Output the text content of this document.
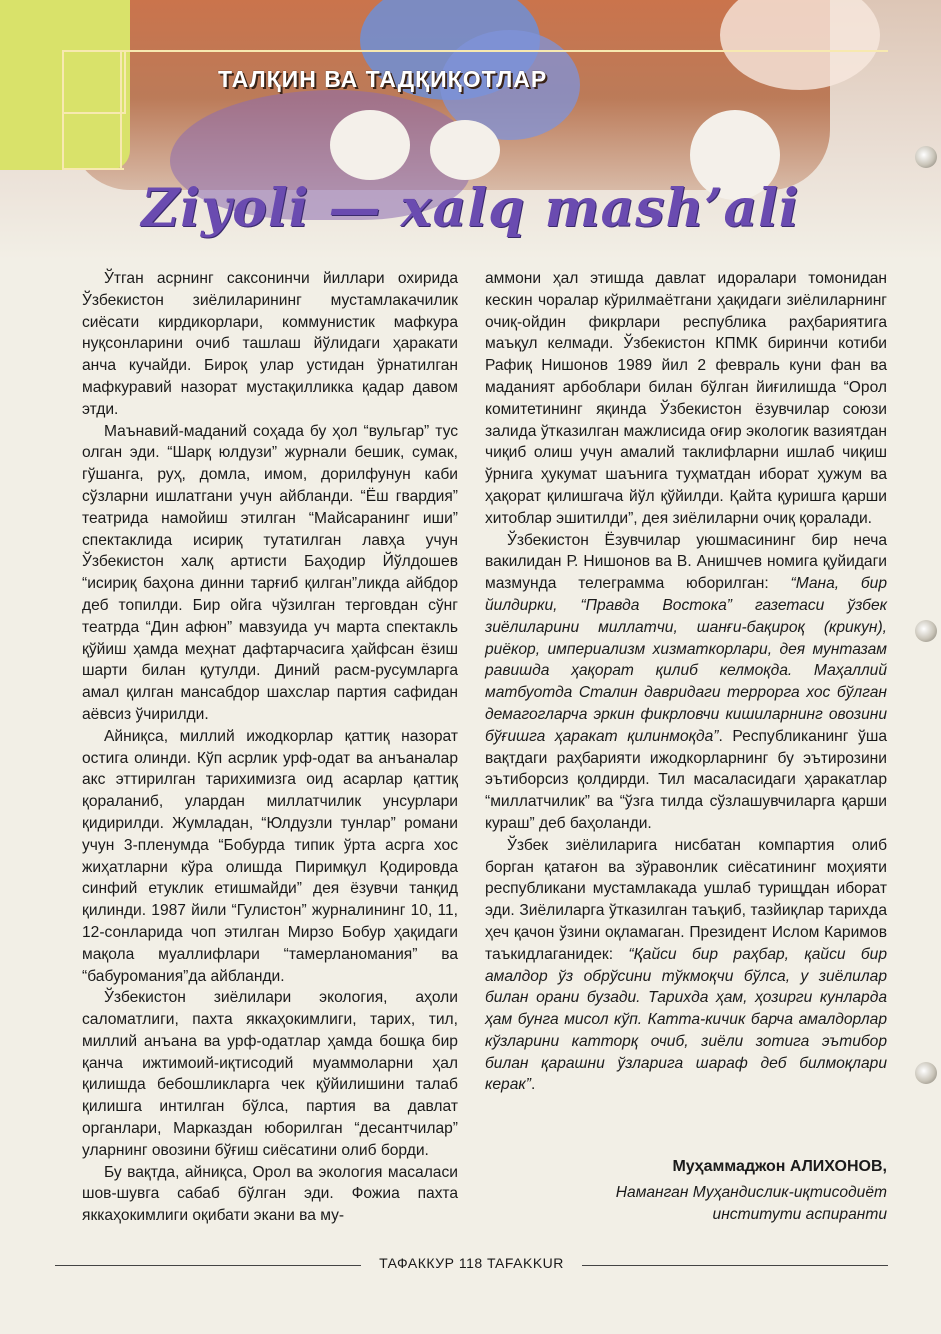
ТАЛҚИН ВА ТАДҚИҚОТЛАР
Ziyoli — xalq mash’ali

Ўтган асрнинг саксонинчи йиллари охирида Ўзбекистон зиёлиларининг мустамлакачилик сиёсати кирдикорлари, коммунистик мафкура нуқсонларини очиб ташлаш йўлидаги ҳаракати анча кучайди. Бироқ улар устидан ўрнатилган мафкуравий назорат мустақилликка қадар давом этди.

Маънавий-маданий соҳада бу ҳол “вульгар” тус олган эди. “Шарқ юлдузи” журнали бешик, сумак, гўшанга, руҳ, домла, имом, дорилфунун каби сўзларни ишлатгани учун айбланди. “Ёш гвардия” театрида намойиш этилган “Майсаранинг иши” спектаклида исириқ тутатилган лавҳа учун Ўзбекистон халқ артисти Баҳодир Йўлдошев “исириқ баҳона динни тарғиб қилган”ликда айбдор деб топилди. Бир ойга чўзилган терговдан сўнг театрда “Дин афюн” мавзуида уч марта спектакль қўйиш ҳамда меҳнат дафтарчасига ҳайфсан ёзиш шарти билан қутулди. Диний расм-русумларга амал қилган мансабдор шахслар партия сафидан аёвсиз ўчирилди.

Айниқса, миллий ижодкорлар қаттиқ назорат остига олинди. Кўп асрлик урф-одат ва анъаналар акс эттирилган тарихимизга оид асарлар қаттиқ қораланиб, улардан миллатчилик унсурлари қидирилди. Жумладан, “Юлдузли тунлар” романи учун 3-пленумда “Бобурда типик ўрта асрга хос жиҳатларни кўра олишда Пиримқул Қодировда синфий етуклик етишмайди” дея ёзувчи танқид қилинди. 1987 йили “Гулистон” журналининг 10, 11, 12-сонларида чоп этилган Мирзо Бобур ҳақидаги мақола муаллифлари “тамерланомания” ва “бабуромания”да айбланди.

Ўзбекистон зиёлилари экология, аҳоли саломатлиги, пахта яккаҳокимлиги, тарих, тил, миллий анъана ва урф-одатлар ҳамда бошқа бир қанча ижтимоий-иқтисодий муаммоларни ҳал қилишда бебошликларга чек қўйилишини талаб қилишга интилган бўлса, партия ва давлат органлари, Марказдан юборилган “десантчилар” уларнинг овозини бўғиш сиёсатини олиб борди.

Бу вақтда, айниқса, Орол ва экология масаласи шов-шувга сабаб бўлган эди. Фожиа пахта яккаҳокимлиги оқибати экани ва му-

аммони ҳал этишда давлат идоралари томонидан кескин чоралар кўрилмаётгани ҳақидаги зиёлиларнинг очиқ-ойдин фикрлари республика раҳбариятига маъқул келмади. Ўзбекистон КПМК биринчи котиби Рафиқ Нишонов 1989 йил 2 февраль куни фан ва маданият арбоблари билан бўлган йиғилишда “Орол комитетининг яқинда Ўзбекистон ёзувчилар союзи залида ўтказилган мажлисида оғир экологик вазиятдан чиқиб олиш учун амалий таклифларни ишлаб чиқиш ўрнига ҳукумат шаънига туҳматдан иборат ҳужум ва ҳақорат қилишгача йўл қўйилди. Қайта қуришга қарши хитоблар эшитилди”, дея зиёлиларни очиқ қоралади.

Ўзбекистон Ёзувчилар уюшмасининг бир неча вакилидан Р. Нишонов ва В. Анишчев номига қуйидаги мазмунда телеграмма юборилган: “Мана, бир йилдирки, “Правда Востока” газетаси ўзбек зиёлиларини миллатчи, шанғи-бақироқ (крикун), риёкор, империализм хизматкорлари, дея мунтазам равишда ҳақорат қилиб келмоқда. Маҳаллий матбуотда Сталин давридаги террорга хос бўлган демагогларча эркин фикрловчи кишиларнинг овозини бўғишга ҳаракат қилинмоқда”. Республиканинг ўша вақтдаги раҳбарияти ижодкорларнинг бу эътирозини эътиборсиз қолдирди. Тил масаласидаги ҳаракатлар “миллатчилик” ва “ўзга тилда сўзлашувчиларга қарши кураш” деб баҳоланди.

Ўзбек зиёлиларига нисбатан компартия олиб борган қатағон ва зўравонлик сиёсатининг моҳияти республикани мустамлакада ушлаб турищдан иборат эди. Зиёлиларга ўтказилган таъқиб, тазйиқлар тарихда ҳеч қачон ўзини оқламаган. Президент Ислом Каримов таъкидлаганидек: “Қайси бир раҳбар, қайси бир амалдор ўз обрўсини тўкмоқчи бўлса, у зиёлилар билан орани бузади. Тарихда ҳам, ҳозирги кунларда ҳам бунга мисол кўп. Катта-кичик барча амалдорлар кўзларини катторқ очиб, зиёли зотига эътибор билан қарашни ўзларига шараф деб билмоқлари керак”.

Муҳаммаджон АЛИХОНОВ,
Наманган Муҳандислик-иқтисодиёт
институти аспиранти
ТАФАККУР 118 TAFAKKUR
